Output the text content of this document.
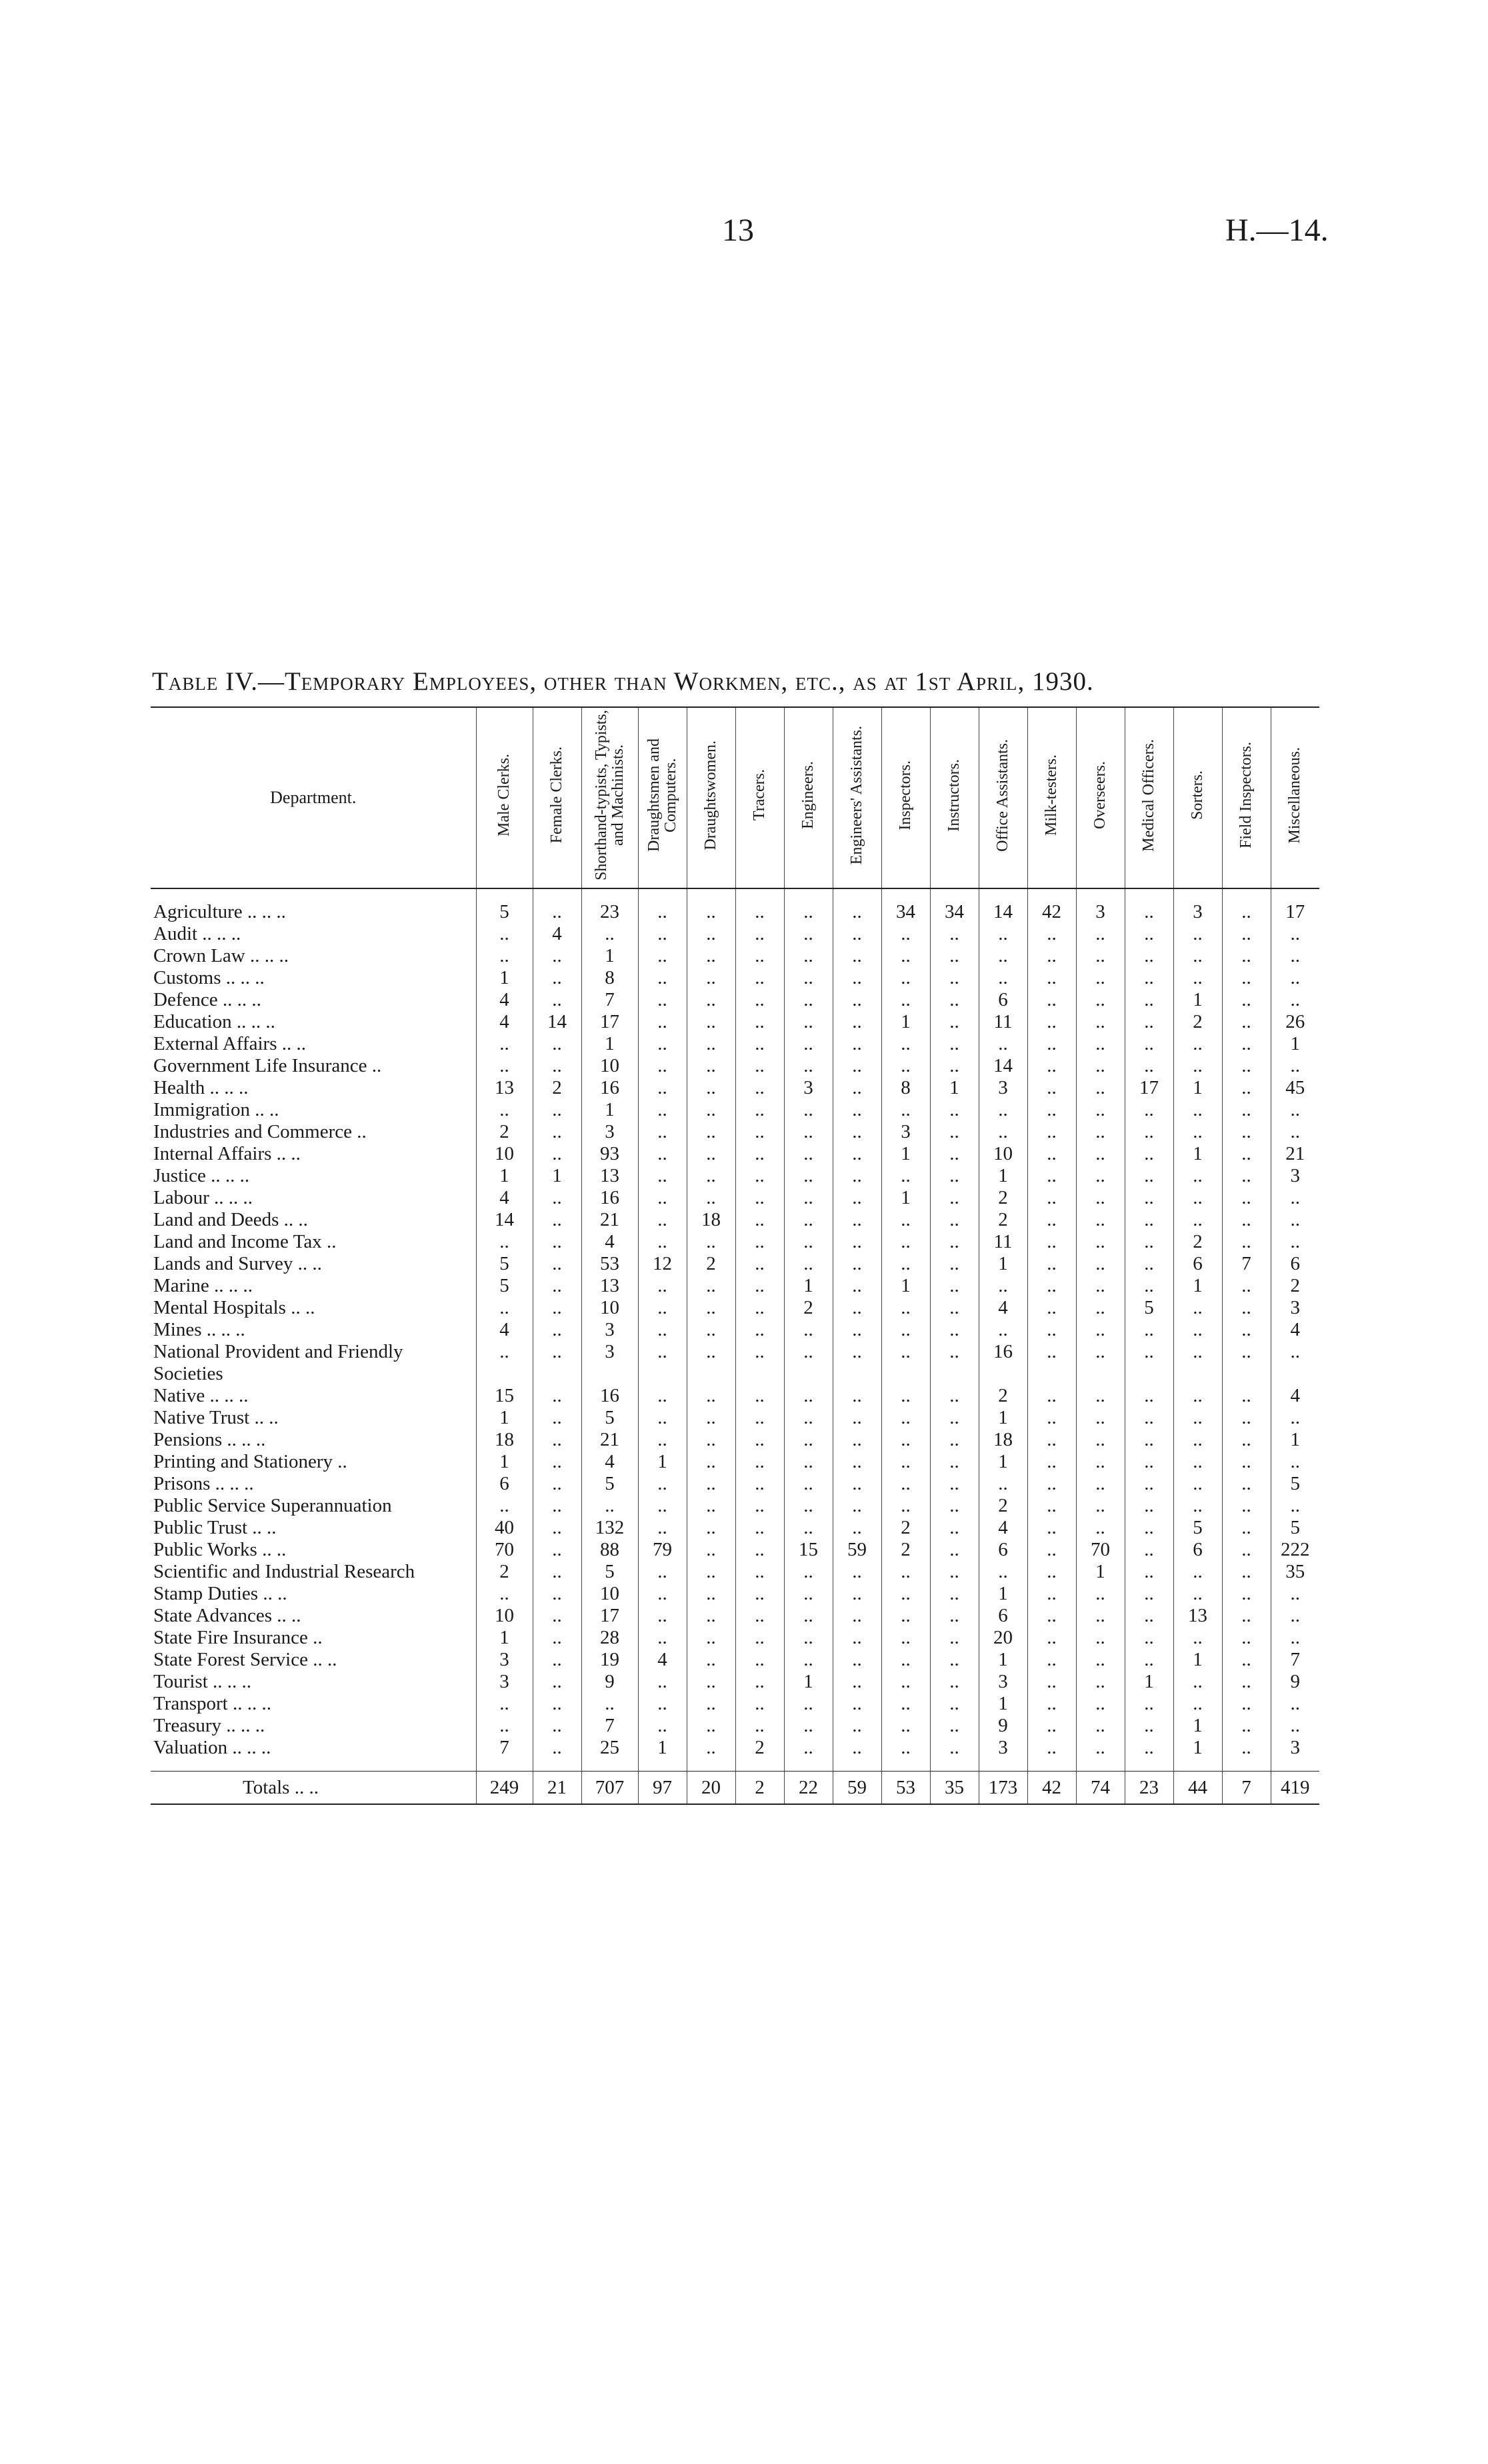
13	H.—14.
Table IV.—Temporary Employees, other than Workmen, etc., as at 1st April, 1930.
Department.	Male Clerks.	Female Clerks.	Shorthand-typists, Typists, and Machinists.	Draughtsmen and Computers.	Draughtswomen.	Tracers.	Engineers.	Engineers' Assistants.	Inspectors.	Instructors.	Office Assistants.	Milk-testers.	Overseers.	Medical Officers.	Sorters.	Field Inspectors.	Miscellaneous.

Agriculture .. .. ..	5	..	23	..	..	..	..	..	34	34	14	42	3	..	3	..	17
Audit .. .. ..	..	4	..	..	..	..	..	..	..	..	..	..	..	..	..	..	..
Crown Law .. .. ..	..	..	1	..	..	..	..	..	..	..	..	..	..	..	..	..	..
Customs .. .. ..	1	..	8	..	..	..	..	..	..	..	..	..	..	..	..	..	..
Defence .. .. ..	4	..	7	..	..	..	..	..	..	..	6	..	..	..	1	..	..
Education .. .. ..	4	14	17	..	..	..	..	..	1	..	11	..	..	..	2	..	26
External Affairs .. ..	..	..	1	..	..	..	..	..	..	..	..	..	..	..	..	..	1
Government Life Insurance ..	..	..	10	..	..	..	..	..	..	..	14	..	..	..	..	..	..
Health .. .. ..	13	2	16	..	..	..	3	..	8	1	3	..	..	17	1	..	45
Immigration .. ..	..	..	1	..	..	..	..	..	..	..	..	..	..	..	..	..	..
Industries and Commerce ..	2	..	3	..	..	..	..	..	3	..	..	..	..	..	..	..	..
Internal Affairs .. ..	10	..	93	..	..	..	..	..	1	..	10	..	..	..	1	..	21
Justice .. .. ..	1	1	13	..	..	..	..	..	..	..	1	..	..	..	..	..	3
Labour .. .. ..	4	..	16	..	..	..	..	..	1	..	2	..	..	..	..	..	..
Land and Deeds .. ..	14	..	21	..	18	..	..	..	..	..	2	..	..	..	..	..	..
Land and Income Tax ..	..	..	4	..	..	..	..	..	..	..	11	..	..	..	2	..	..
Lands and Survey .. ..	5	..	53	12	2	..	..	..	..	..	1	..	..	..	6	7	6
Marine .. .. ..	5	..	13	..	..	..	1	..	1	..	..	..	..	..	1	..	2
Mental Hospitals .. ..	..	..	10	..	..	..	2	..	..	..	4	..	..	5	..	..	3
Mines .. .. ..	4	..	3	..	..	..	..	..	..	..	..	..	..	..	..	..	4
National Provident and Friendly	..	..	3	..	..	..	..	..	..	..	16	..	..	..	..	..	..
Societies																	
Native .. .. ..	15	..	16	..	..	..	..	..	..	..	2	..	..	..	..	..	4
Native Trust .. ..	1	..	5	..	..	..	..	..	..	..	1	..	..	..	..	..	..
Pensions .. .. ..	18	..	21	..	..	..	..	..	..	..	18	..	..	..	..	..	1
Printing and Stationery ..	1	..	4	1	..	..	..	..	..	..	1	..	..	..	..	..	..
Prisons .. .. ..	6	..	5	..	..	..	..	..	..	..	..	..	..	..	..	..	5
Public Service Superannuation	..	..	..	..	..	..	..	..	..	..	2	..	..	..	..	..	..
Public Trust .. ..	40	..	132	..	..	..	..	..	2	..	4	..	..	..	5	..	5
Public Works .. ..	70	..	88	79	..	..	15	59	2	..	6	..	70	..	6	..	222
Scientific and Industrial Research	2	..	5	..	..	..	..	..	..	..	..	..	1	..	..	..	35
Stamp Duties .. ..	..	..	10	..	..	..	..	..	..	..	1	..	..	..	..	..	..
State Advances .. ..	10	..	17	..	..	..	..	..	..	..	6	..	..	..	13	..	..
State Fire Insurance ..	1	..	28	..	..	..	..	..	..	..	20	..	..	..	..	..	..
State Forest Service .. ..	3	..	19	4	..	..	..	..	..	..	1	..	..	..	1	..	7
Tourist .. .. ..	3	..	9	..	..	..	1	..	..	..	3	..	..	1	..	..	9
Transport .. .. ..	..	..	..	..	..	..	..	..	..	..	1	..	..	..	..	..	..
Treasury .. .. ..	..	..	7	..	..	..	..	..	..	..	9	..	..	..	1	..	..
Valuation .. .. ..	7	..	25	1	..	2	..	..	..	..	3	..	..	..	1	..	3

Totals .. ..	249	21	707	97	20	2	22	59	53	35	173	42	74	23	44	7	419
